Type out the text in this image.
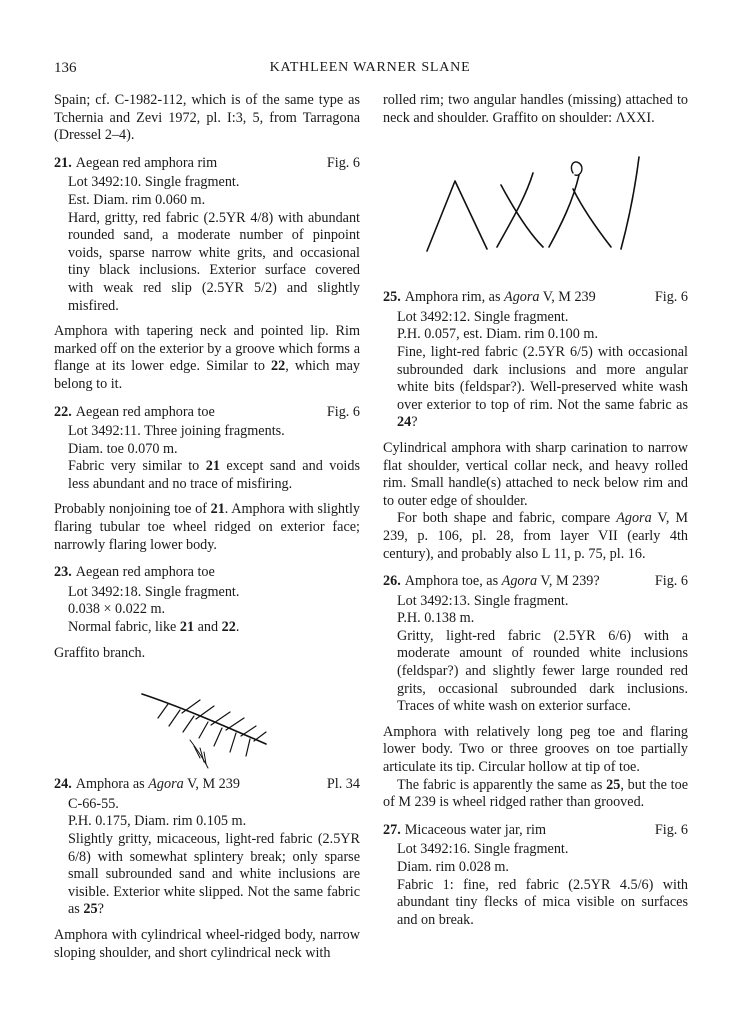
136	KATHLEEN WARNER SLANE

Spain; cf. C-1982-112, which is of the same type as Tchernia and Zevi 1972, pl. I:3, 5, from Tarragona (Dressel 2–4).

21. Aegean red amphora rim	Fig. 6

Lot 3492:10. Single fragment.

Est. Diam. rim 0.060 m.

Hard, gritty, red fabric (2.5YR 4/8) with abundant rounded sand, a moderate number of pinpoint voids, sparse narrow white grits, and occasional tiny black inclusions. Exterior surface covered with weak red slip (2.5YR 5/2) and slightly misfired.

Amphora with tapering neck and pointed lip. Rim marked off on the exterior by a groove which forms a flange at its lower edge. Similar to 22, which may belong to it.

22. Aegean red amphora toe	Fig. 6

Lot 3492:11. Three joining fragments.

Diam. toe 0.070 m.

Fabric very similar to 21 except sand and voids less abundant and no trace of misfiring.

Probably nonjoining toe of 21. Amphora with slightly flaring tubular toe wheel ridged on exterior face; narrowly flaring lower body.

23. Aegean red amphora toe

Lot 3492:18. Single fragment.

0.038 × 0.022 m.

Normal fabric, like 21 and 22.

Graffito branch.

24. Amphora as Agora V, M 239	Pl. 34

C-66-55.

P.H. 0.175, Diam. rim 0.105 m.

Slightly gritty, micaceous, light-red fabric (2.5YR 6/8) with somewhat splintery break; only sparse small subrounded sand and white inclusions are visible. Exterior white slipped. Not the same fabric as 25?

Amphora with cylindrical wheel-ridged body, narrow sloping shoulder, and short cylindrical neck with

rolled rim; two angular handles (missing) attached to neck and shoulder. Graffito on shoulder: ΛΧΧΙ.

25. Amphora rim, as Agora V, M 239	Fig. 6

Lot 3492:12. Single fragment.

P.H. 0.057, est. Diam. rim 0.100 m.

Fine, light-red fabric (2.5YR 6/5) with occasional subrounded dark inclusions and more angular white bits (feldspar?). Well-preserved white wash over exterior to top of rim. Not the same fabric as 24?

Cylindrical amphora with sharp carination to narrow flat shoulder, vertical collar neck, and heavy rolled rim. Small handle(s) attached to neck below rim and to outer edge of shoulder.

For both shape and fabric, compare Agora V, M 239, p. 106, pl. 28, from layer VII (early 4th century), and probably also L 11, p. 75, pl. 16.

26. Amphora toe, as Agora V, M 239?	Fig. 6

Lot 3492:13. Single fragment.

P.H. 0.138 m.

Gritty, light-red fabric (2.5YR 6/6) with a moderate amount of rounded white inclusions (feldspar?) and slightly fewer large rounded red grits, occasional subrounded dark inclusions. Traces of white wash on exterior surface.

Amphora with relatively long peg toe and flaring lower body. Two or three grooves on toe partially articulate its tip. Circular hollow at tip of toe.

The fabric is apparently the same as 25, but the toe of M 239 is wheel ridged rather than grooved.

27. Micaceous water jar, rim	Fig. 6

Lot 3492:16. Single fragment.

Diam. rim 0.028 m.

Fabric 1: fine, red fabric (2.5YR 4.5/6) with abundant tiny flecks of mica visible on surfaces and on break.
